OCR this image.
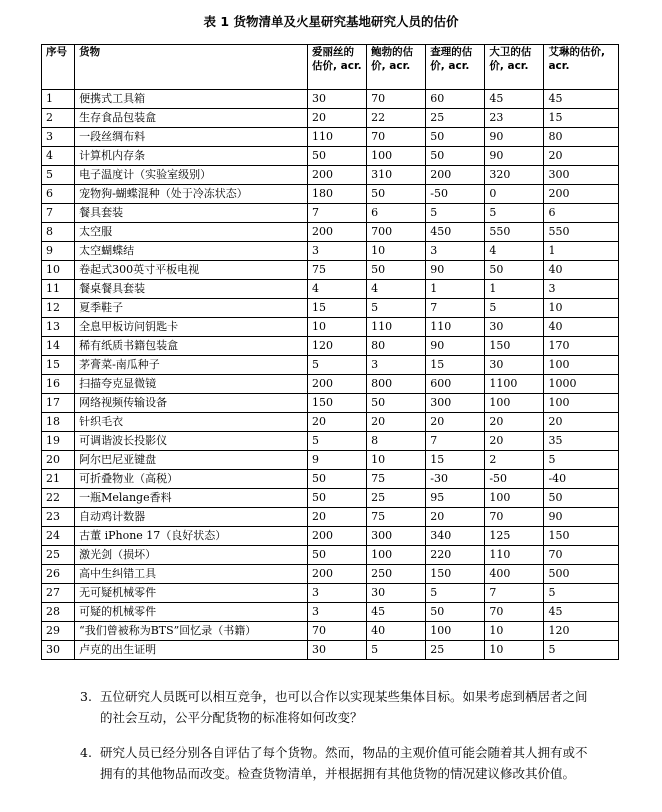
表 1 货物清单及火星研究基地研究人员的估价
序号	货物	爱丽丝的估价, acr.	鲍勃的估价, acr.	查理的估价, acr.	大卫的估价, acr.	艾琳的估价, acr.
1	便携式工具箱	30	70	60	45	45
2	生存食品包装盒	20	22	25	23	15
3	一段丝绸布料	110	70	50	90	80
4	计算机内存条	50	100	50	90	20
5	电子温度计（实验室级别）	200	310	200	320	300
6	宠物狗-蝴蝶混种（处于冷冻状态）	180	50	-50	0	200
7	餐具套装	7	6	5	5	6
8	太空服	200	700	450	550	550
9	太空蝴蝶结	3	10	3	4	1
10	卷起式300英寸平板电视	75	50	90	50	40
11	餐桌餐具套装	4	4	1	1	3
12	夏季鞋子	15	5	7	5	10
13	全息甲板访问钥匙卡	10	110	110	30	40
14	稀有纸质书籍包装盒	120	80	90	150	170
15	茅膏菜-南瓜种子	5	3	15	30	100
16	扫描夸克显微镜	200	800	600	1100	1000
17	网络视频传输设备	150	50	300	100	100
18	针织毛衣	20	20	20	20	20
19	可调谐波长投影仪	5	8	7	20	35
20	阿尔巴尼亚键盘	9	10	15	2	5
21	可折叠物业（高税）	50	75	-30	-50	-40
22	一瓶Melange香料	50	25	95	100	50
23	自动鸡计数器	20	75	20	70	90
24	古董 iPhone 17（良好状态）	200	300	340	125	150
25	激光剑（损坏）	50	100	220	110	70
26	高中生纠错工具	200	250	150	400	500
27	无可疑机械零件	3	30	5	7	5
28	可疑的机械零件	3	45	50	70	45
29	“我们曾被称为BTS”回忆录（书籍）	70	40	100	10	120
30	卢克的出生证明	30	5	25	10	5
3. 五位研究人员既可以相互竞争，也可以合作以实现某些集体目标。如果考虑到栖居者之间的社会互动，公平分配货物的标准将如何改变？
4. 研究人员已经分别各自评估了每个货物。然而，物品的主观价值可能会随着其人拥有或不拥有的其他物品而改变。检查货物清单，并根据拥有其他货物的情况建议修改其价值。
